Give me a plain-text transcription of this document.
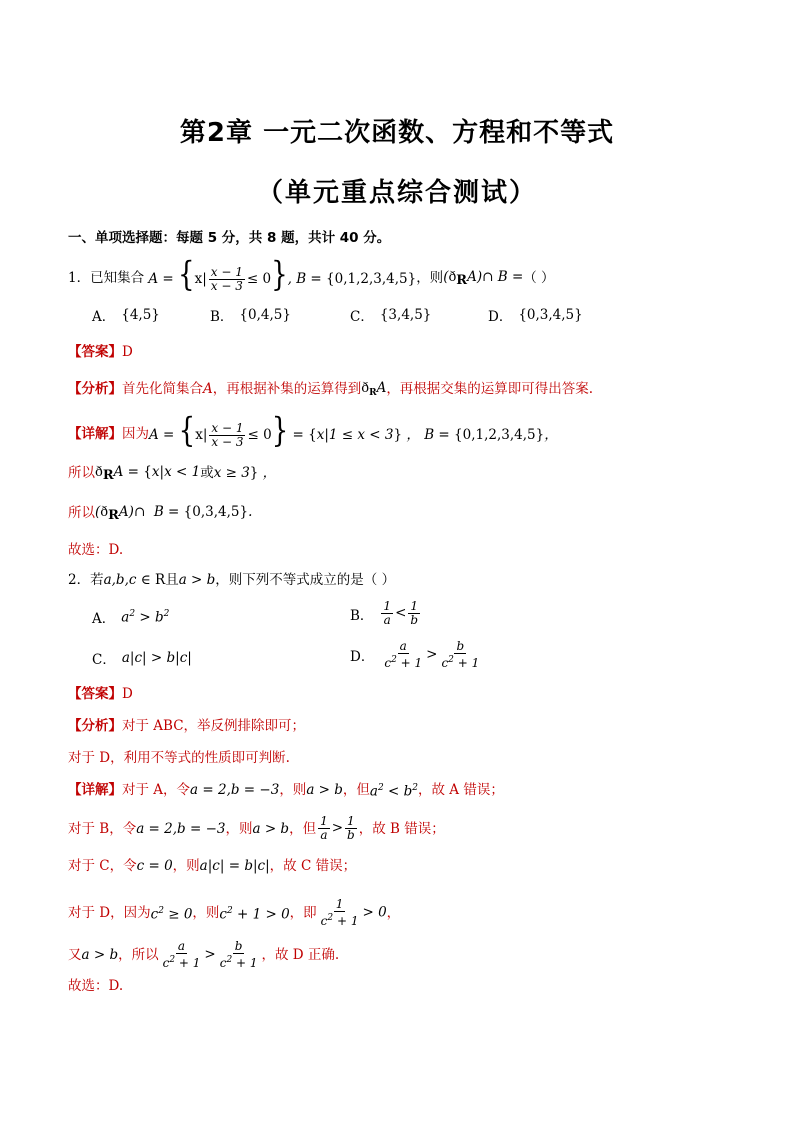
第2章 一元二次函数、方程和不等式
（单元重点综合测试）
一、单项选择题：每题 5 分，共 8 题，共计 40 分。
1． 已知集合 $A = \{x| \frac{x - 1}{x - 3} \le 0\}$, B = {0,1,2,3,4,5} ，则 (ðRA)∩ B = （ ）
A． {4,5}	B． {0,4,5}	C． {3,4,5}	D． {0,3,4,5}
【答案】 D
【分析】 首先化简集合 A ，再根据补集的运算得到 $ð_RA$ ，再根据交集的运算即可得出答案.
【详解】 因为 $A = \{x| \frac{x - 1}{x - 3} \le 0\} = \{x|1 \le x < 3\}$ ， B = {0,1,2,3,4,5}，
所以 ðRA = {x|x < 1 或 x ≥ 3} ，
所以 (ðRA)∩  B = {0,3,4,5}.
故选：D.
2． 若 a,b,c ∈ R 且 a > b ，则下列不等式成立的是（ ）
A． $a^2 > b^2$	B． $\frac{1}{a} < \frac{1}{b}$
C． a|c| > b|c|	D． $\frac{a}{c^2 + 1} > \frac{b}{c^2 + 1}$
【答案】 D
【分析】 对于 ABC，举反例排除即可；
对于 D，利用不等式的性质即可判断.
【详解】 对于 A，令 a = 2,b = −3 ，则 a > b ，但 $a^2 < b^2$ ，故 A 错误；
对于 B，令 a = 2,b = −3 ，则 a > b ，但 $\frac{1}{a} > \frac{1}{b}$ ，故 B 错误；
对于 C，令 c = 0 ，则 a|c| = b|c| ，故 C 错误；
对于 D，因为 $c^2 \ge 0$ ，则 $c^2 + 1 > 0$ ，即 $\frac{1}{c^2 + 1} > 0$ ，
又 a > b ，所以 $\frac{a}{c^2 + 1} > \frac{b}{c^2 + 1}$ ，故 D 正确.
故选：D.
